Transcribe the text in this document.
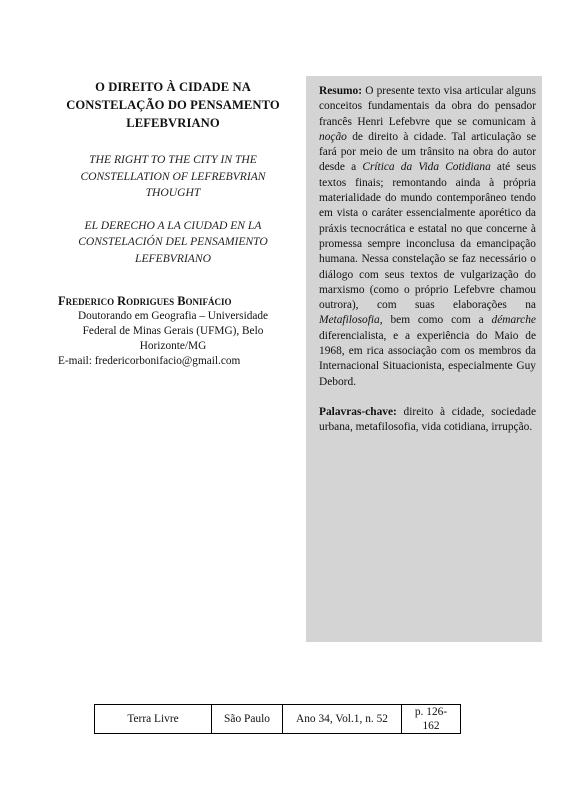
O DIREITO À CIDADE NA
CONSTELAÇÃO DO PENSAMENTO
LEFEBVRIANO

THE RIGHT TO THE CITY IN THE
CONSTELLATION OF LEFREBVRIAN
THOUGHT

EL DERECHO A LA CIUDAD EN LA
CONSTELACIÓN DEL PENSAMIENTO
LEFEBVRIANO

Frederico Rodrigues Bonifácio

Doutorando em Geografia – Universidade
Federal de Minas Gerais (UFMG), Belo
Horizonte/MG

E-mail: fredericorbonifacio@gmail.com

Resumo: O presente texto visa articular alguns conceitos fundamentais da obra do pensador francês Henri Lefebvre que se comunicam à noção de direito à cidade. Tal articulação se fará por meio de um trânsito na obra do autor desde a Crítica da Vida Cotidiana até seus textos finais; remontando ainda à própria materialidade do mundo contemporâneo tendo em vista o caráter essencialmente aporético da práxis tecnocrática e estatal no que concerne à promessa sempre inconclusa da emancipação humana. Nessa constelação se faz necessário o diálogo com seus textos de vulgarização do marxismo (como o próprio Lefebvre chamou outrora), com suas elaborações na Metafilosofia, bem como com a démarche diferencialista, e a experiência do Maio de 1968, em rica associação com os membros da Internacional Situacionista, especialmente Guy Debord.

Palavras-chave: direito à cidade, sociedade urbana, metafilosofia, vida cotidiana, irrupção.

Terra Livre	São Paulo	Ano 34, Vol.1, n. 52	p. 126-162
